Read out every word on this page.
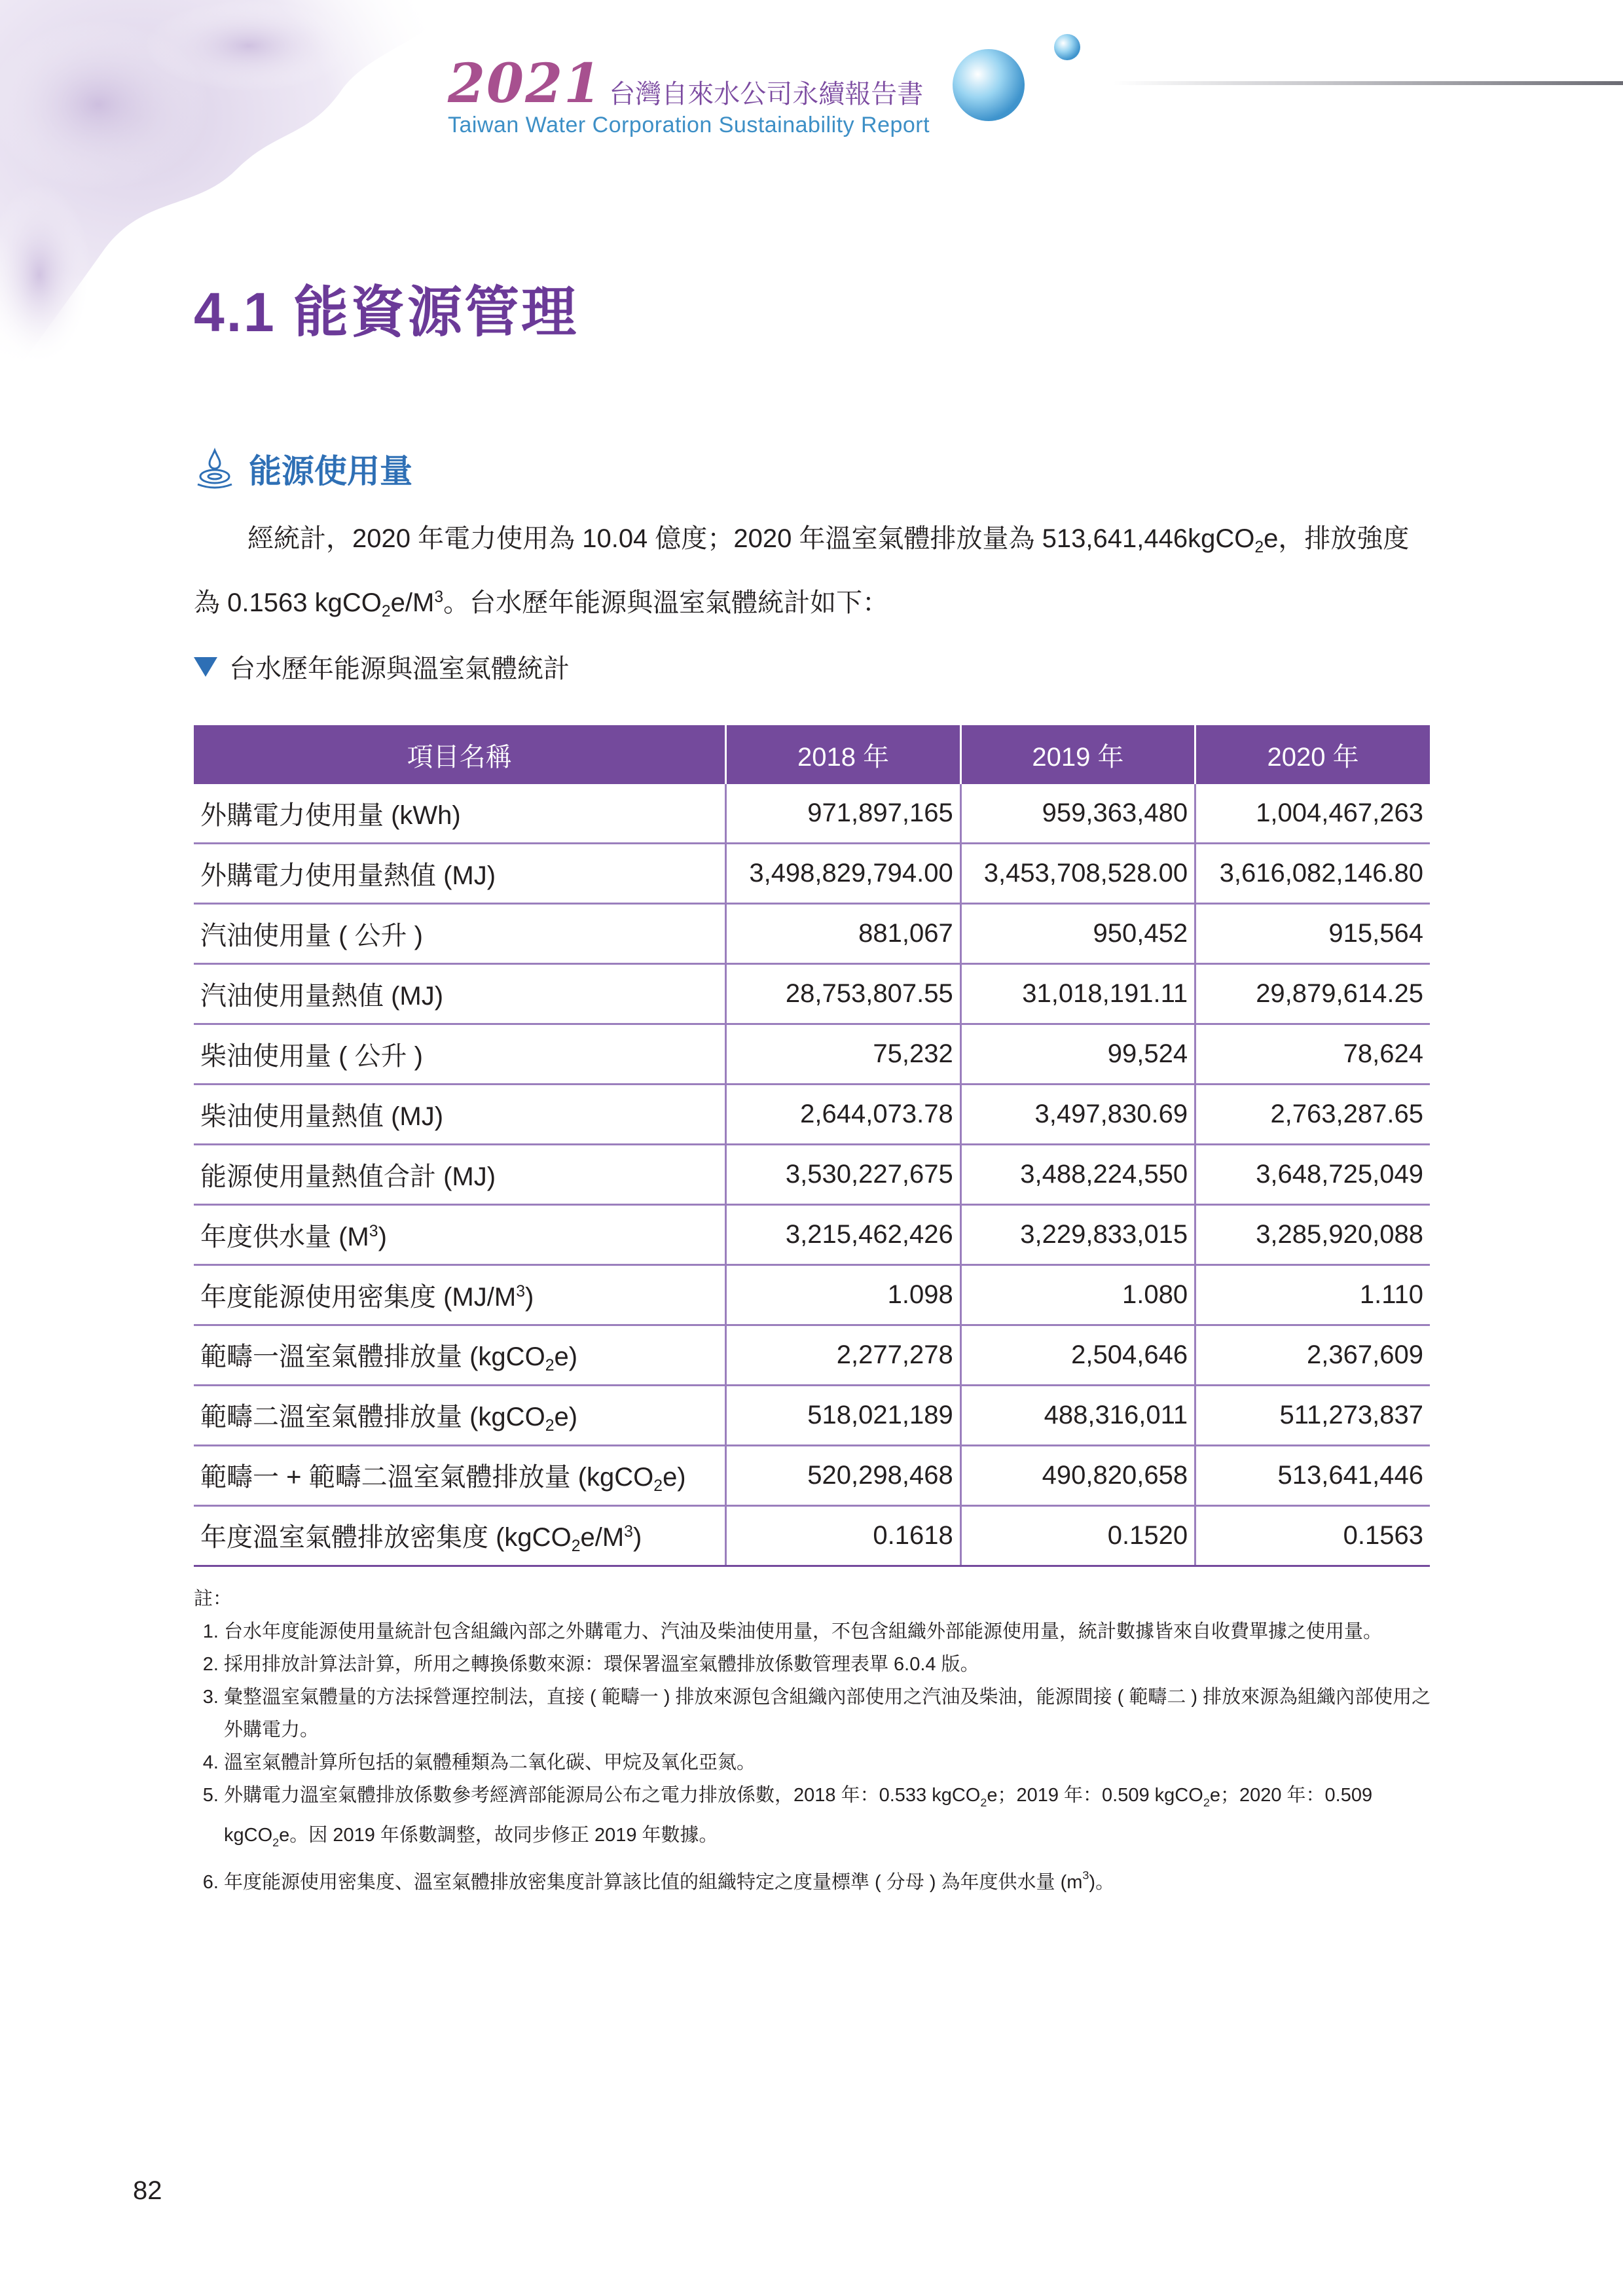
2021 台灣自來水公司永續報告書
Taiwan Water Corporation Sustainability Report
4.1 能資源管理
能源使用量

經統計，2020 年電力使用為 10.04 億度；2020 年溫室氣體排放量為 513,641,446kgCO$_2$e，排放強度為 0.1563 $kgCO_2e/M^3$。台水歷年能源與溫室氣體統計如下：

台水歷年能源與溫室氣體統計
項目名稱	2018 年	2019 年	2020 年
外購電力使用量 (kWh)	971,897,165	959,363,480	1,004,467,263
外購電力使用量熱值 (MJ)	3,498,829,794.00	3,453,708,528.00	3,616,082,146.80
汽油使用量 ( 公升 )	881,067	950,452	915,564
汽油使用量熱值 (MJ)	28,753,807.55	31,018,191.11	29,879,614.25
柴油使用量 ( 公升 )	75,232	99,524	78,624
柴油使用量熱值 (MJ)	2,644,073.78	3,497,830.69	2,763,287.65
能源使用量熱值合計 (MJ)	3,530,227,675	3,488,224,550	3,648,725,049
年度供水量 $(M^3)$	3,215,462,426	3,229,833,015	3,285,920,088
年度能源使用密集度 $(MJ/M^3)$	1.098	1.080	1.110
範疇一溫室氣體排放量 (kgCO$_2$e)	2,277,278	2,504,646	2,367,609
範疇二溫室氣體排放量 (kgCO$_2$e)	518,021,189	488,316,011	511,273,837
範疇一 + 範疇二溫室氣體排放量 (kgCO$_2$e)	520,298,468	490,820,658	513,641,446
年度溫室氣體排放密集度 $(kgCO_2e/M^3)$	0.1618	0.1520	0.1563
註：
1. 台水年度能源使用量統計包含組織內部之外購電力、汽油及柴油使用量，不包含組織外部能源使用量，統計數據皆來自收費單據之使用量。
2. 採用排放計算法計算，所用之轉換係數來源：環保署溫室氣體排放係數管理表單 6.0.4 版。
3. 彙整溫室氣體量的方法採營運控制法，直接 ( 範疇一 ) 排放來源包含組織內部使用之汽油及柴油，能源間接 ( 範疇二 ) 排放來源為組織內部使用之外購電力。
4. 溫室氣體計算所包括的氣體種類為二氧化碳、甲烷及氧化亞氮。
5. 外購電力溫室氣體排放係數參考經濟部能源局公布之電力排放係數，2018 年：0.533 kgCO$_2$e；2019 年：0.509 kgCO$_2$e；2020 年：0.509 kgCO$_2$e。因 2019 年係數調整，故同步修正 2019 年數據。
6. 年度能源使用密集度、溫室氣體排放密集度計算該比值的組織特定之度量標準 ( 分母 ) 為年度供水量 $(m^3)$。
82
